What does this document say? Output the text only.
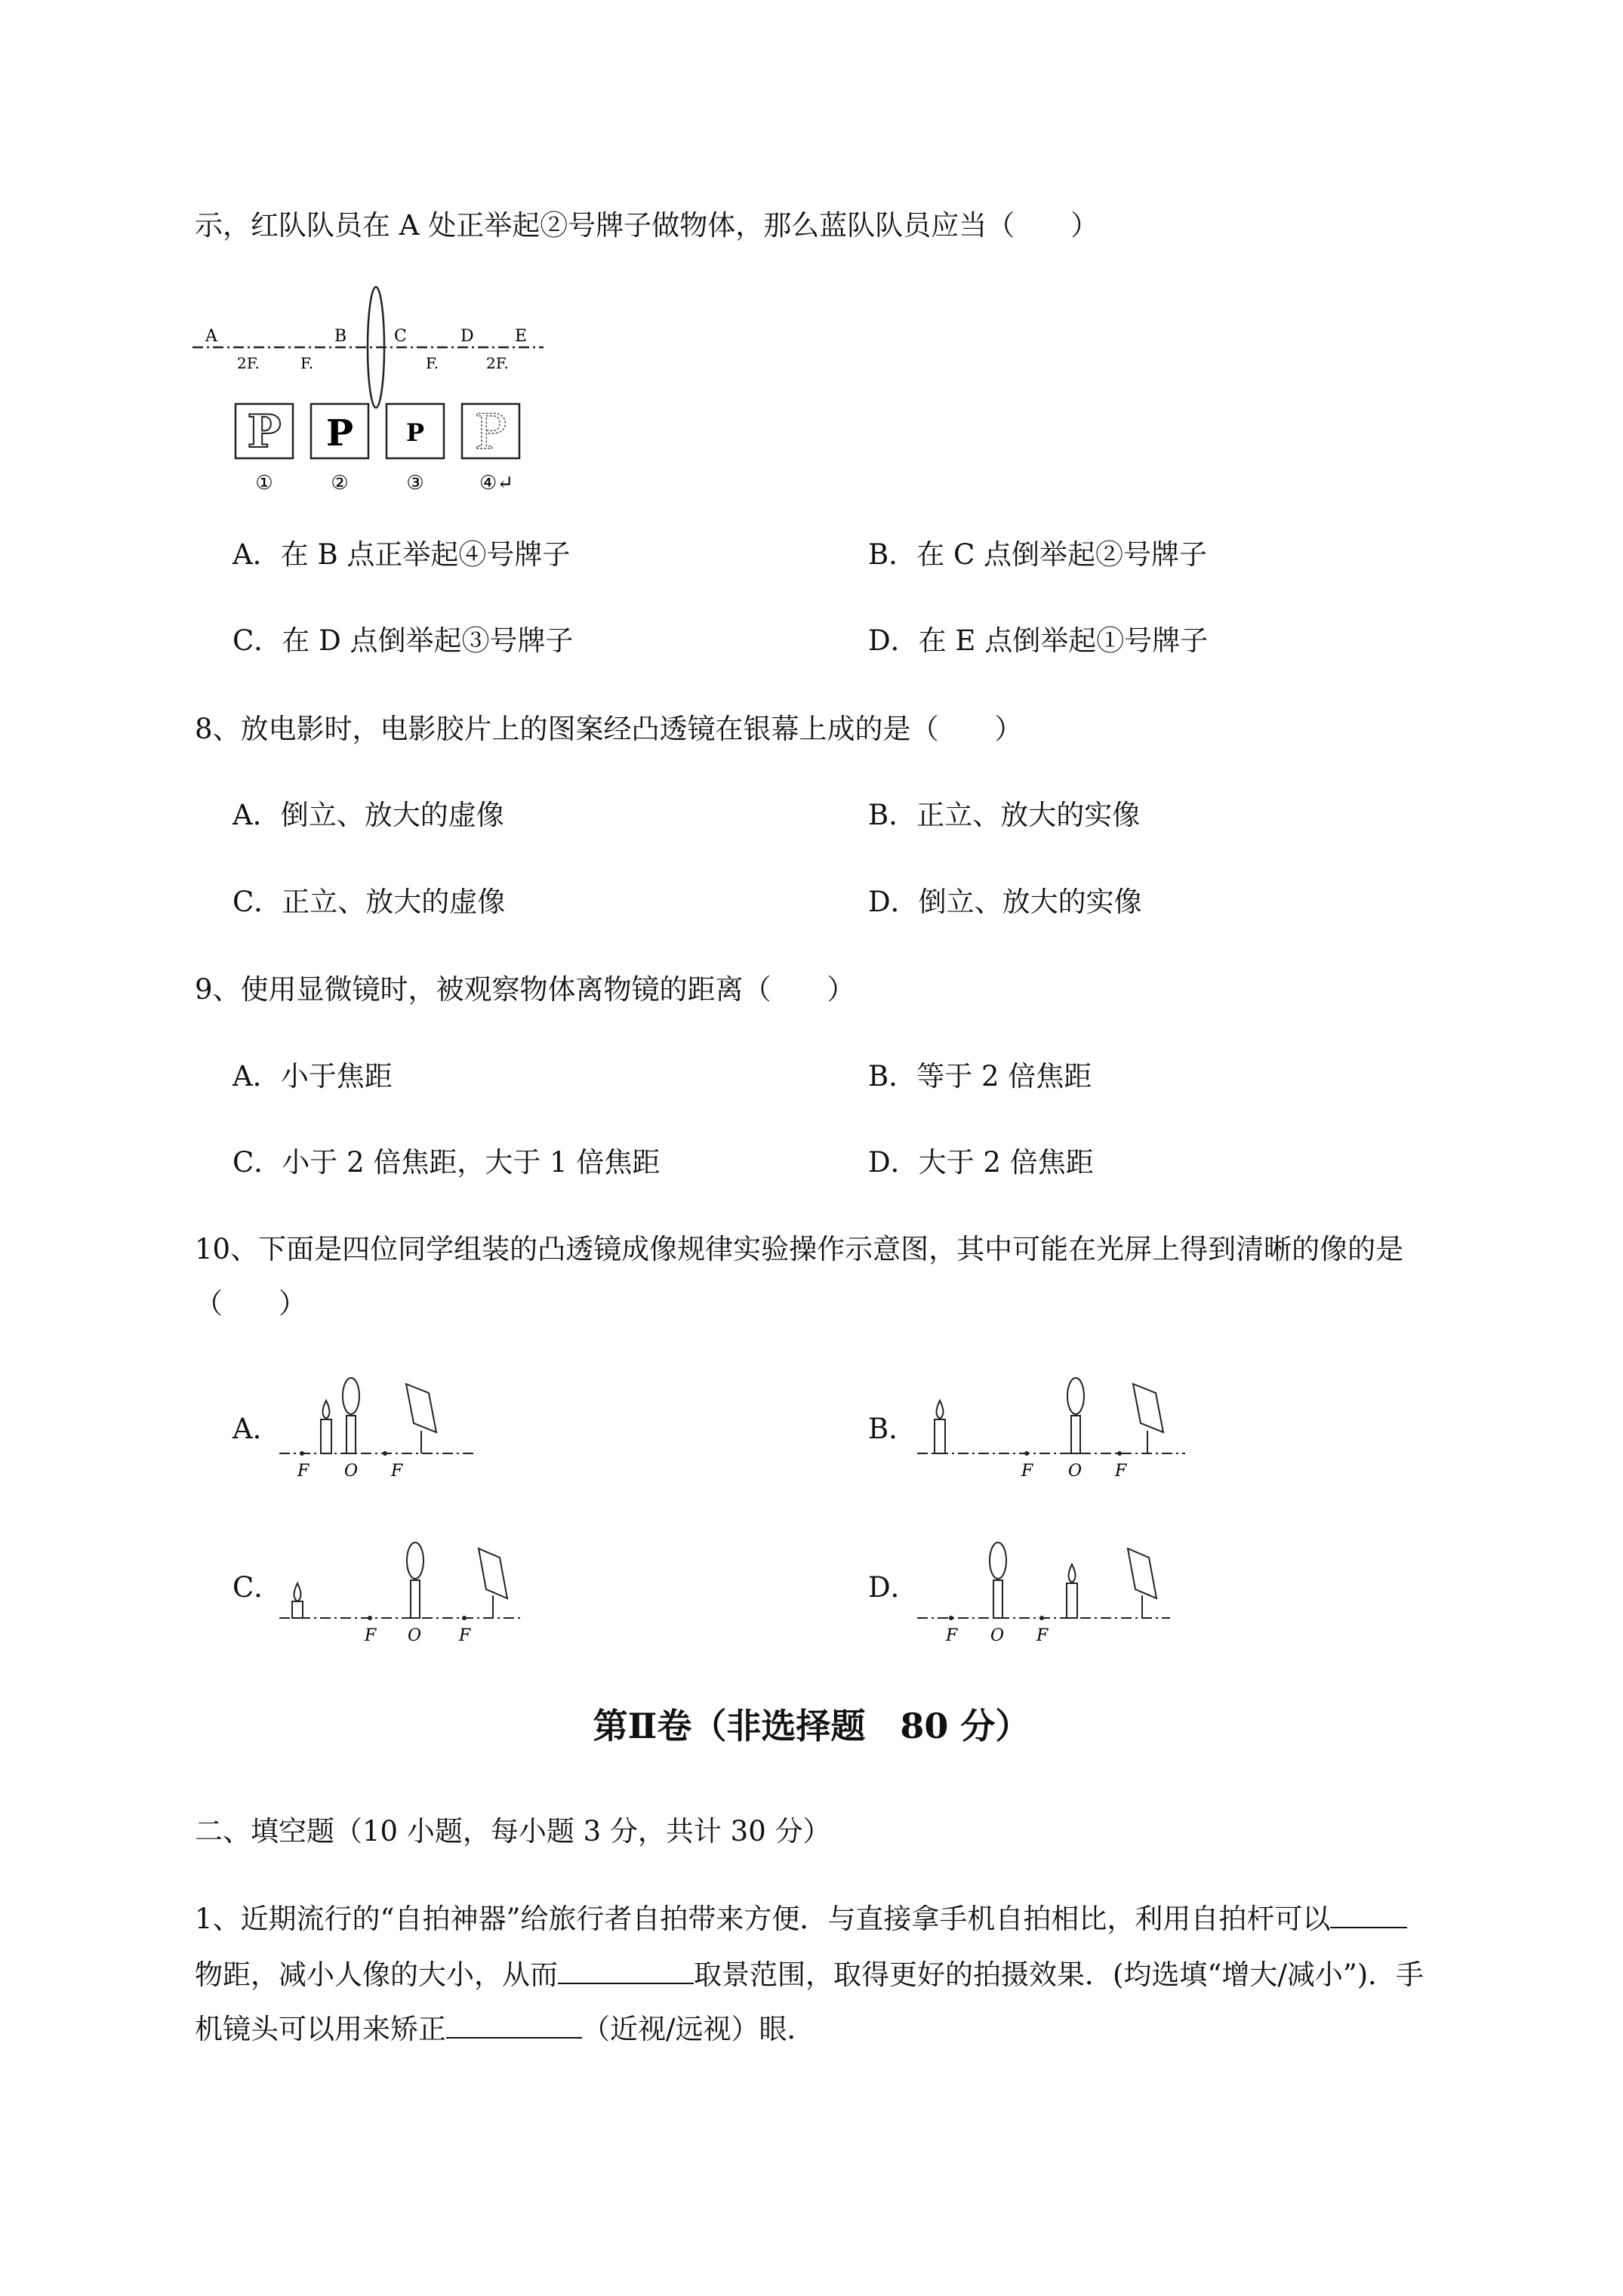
示，红队队员在 A 处正举起②号牌子做物体，那么蓝队队员应当（　　）
A	B	C	D E
2F.	F.	F.	2F.
P P P P
①	②	③	④↵
A．在 B 点正举起④号牌子	B．在 C 点倒举起②号牌子
C．在 D 点倒举起③号牌子	D．在 E 点倒举起①号牌子
8、放电影时，电影胶片上的图案经凸透镜在银幕上成的是（　　）
A．倒立、放大的虚像	B．正立、放大的实像
C．正立、放大的虚像	D．倒立、放大的实像
9、使用显微镜时，被观察物体离物镜的距离（　　）
A．小于焦距	B．等于 2 倍焦距
C．小于 2 倍焦距，大于 1 倍焦距	D．大于 2 倍焦距
10、下面是四位同学组装的凸透镜成像规律实验操作示意图，其中可能在光屏上得到清晰的像的是
（　　）
A．	B．
C．	D．
F O F	F O F
F O F	F O F
第Ⅱ卷（非选择题　80 分）
二、填空题（10 小题，每小题 3 分，共计 30 分）
1、近期流行的“自拍神器”给旅行者自拍带来方便．与直接拿手机自拍相比，利用自拍杆可以
物距，减小人像的大小，从而	取景范围，取得更好的拍摄效果．(均选填“增大/减小”)．手
机镜头可以用来矫正	（近视/远视）眼．
